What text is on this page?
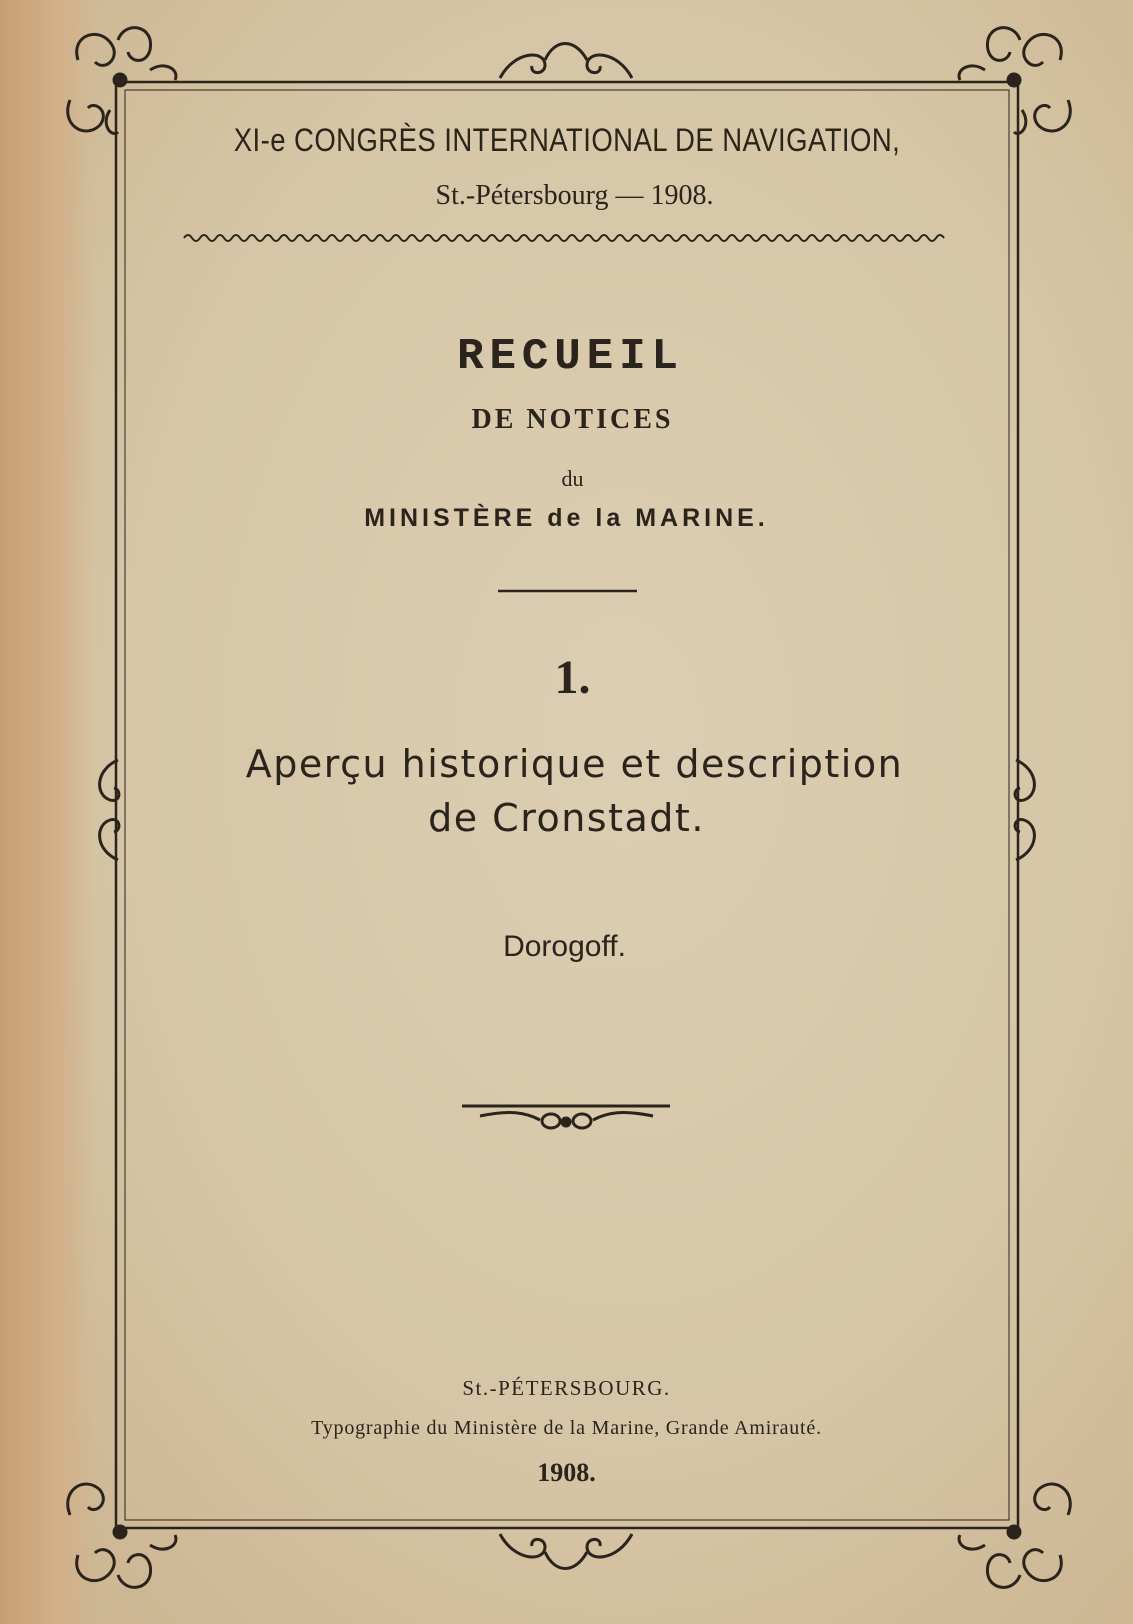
XI-e CONGRÈS INTERNATIONAL DE NAVIGATION,

St.-Pétersbourg — 1908.

RECUEIL

DE NOTICES

du

MINISTÈRE de la MARINE.

1.

Aperçu historique et description

de Cronstadt.

Dorogoff.

St.-PÉTERSBOURG.

Typographie du Ministère de la Marine, Grande Amirauté.

1908.
